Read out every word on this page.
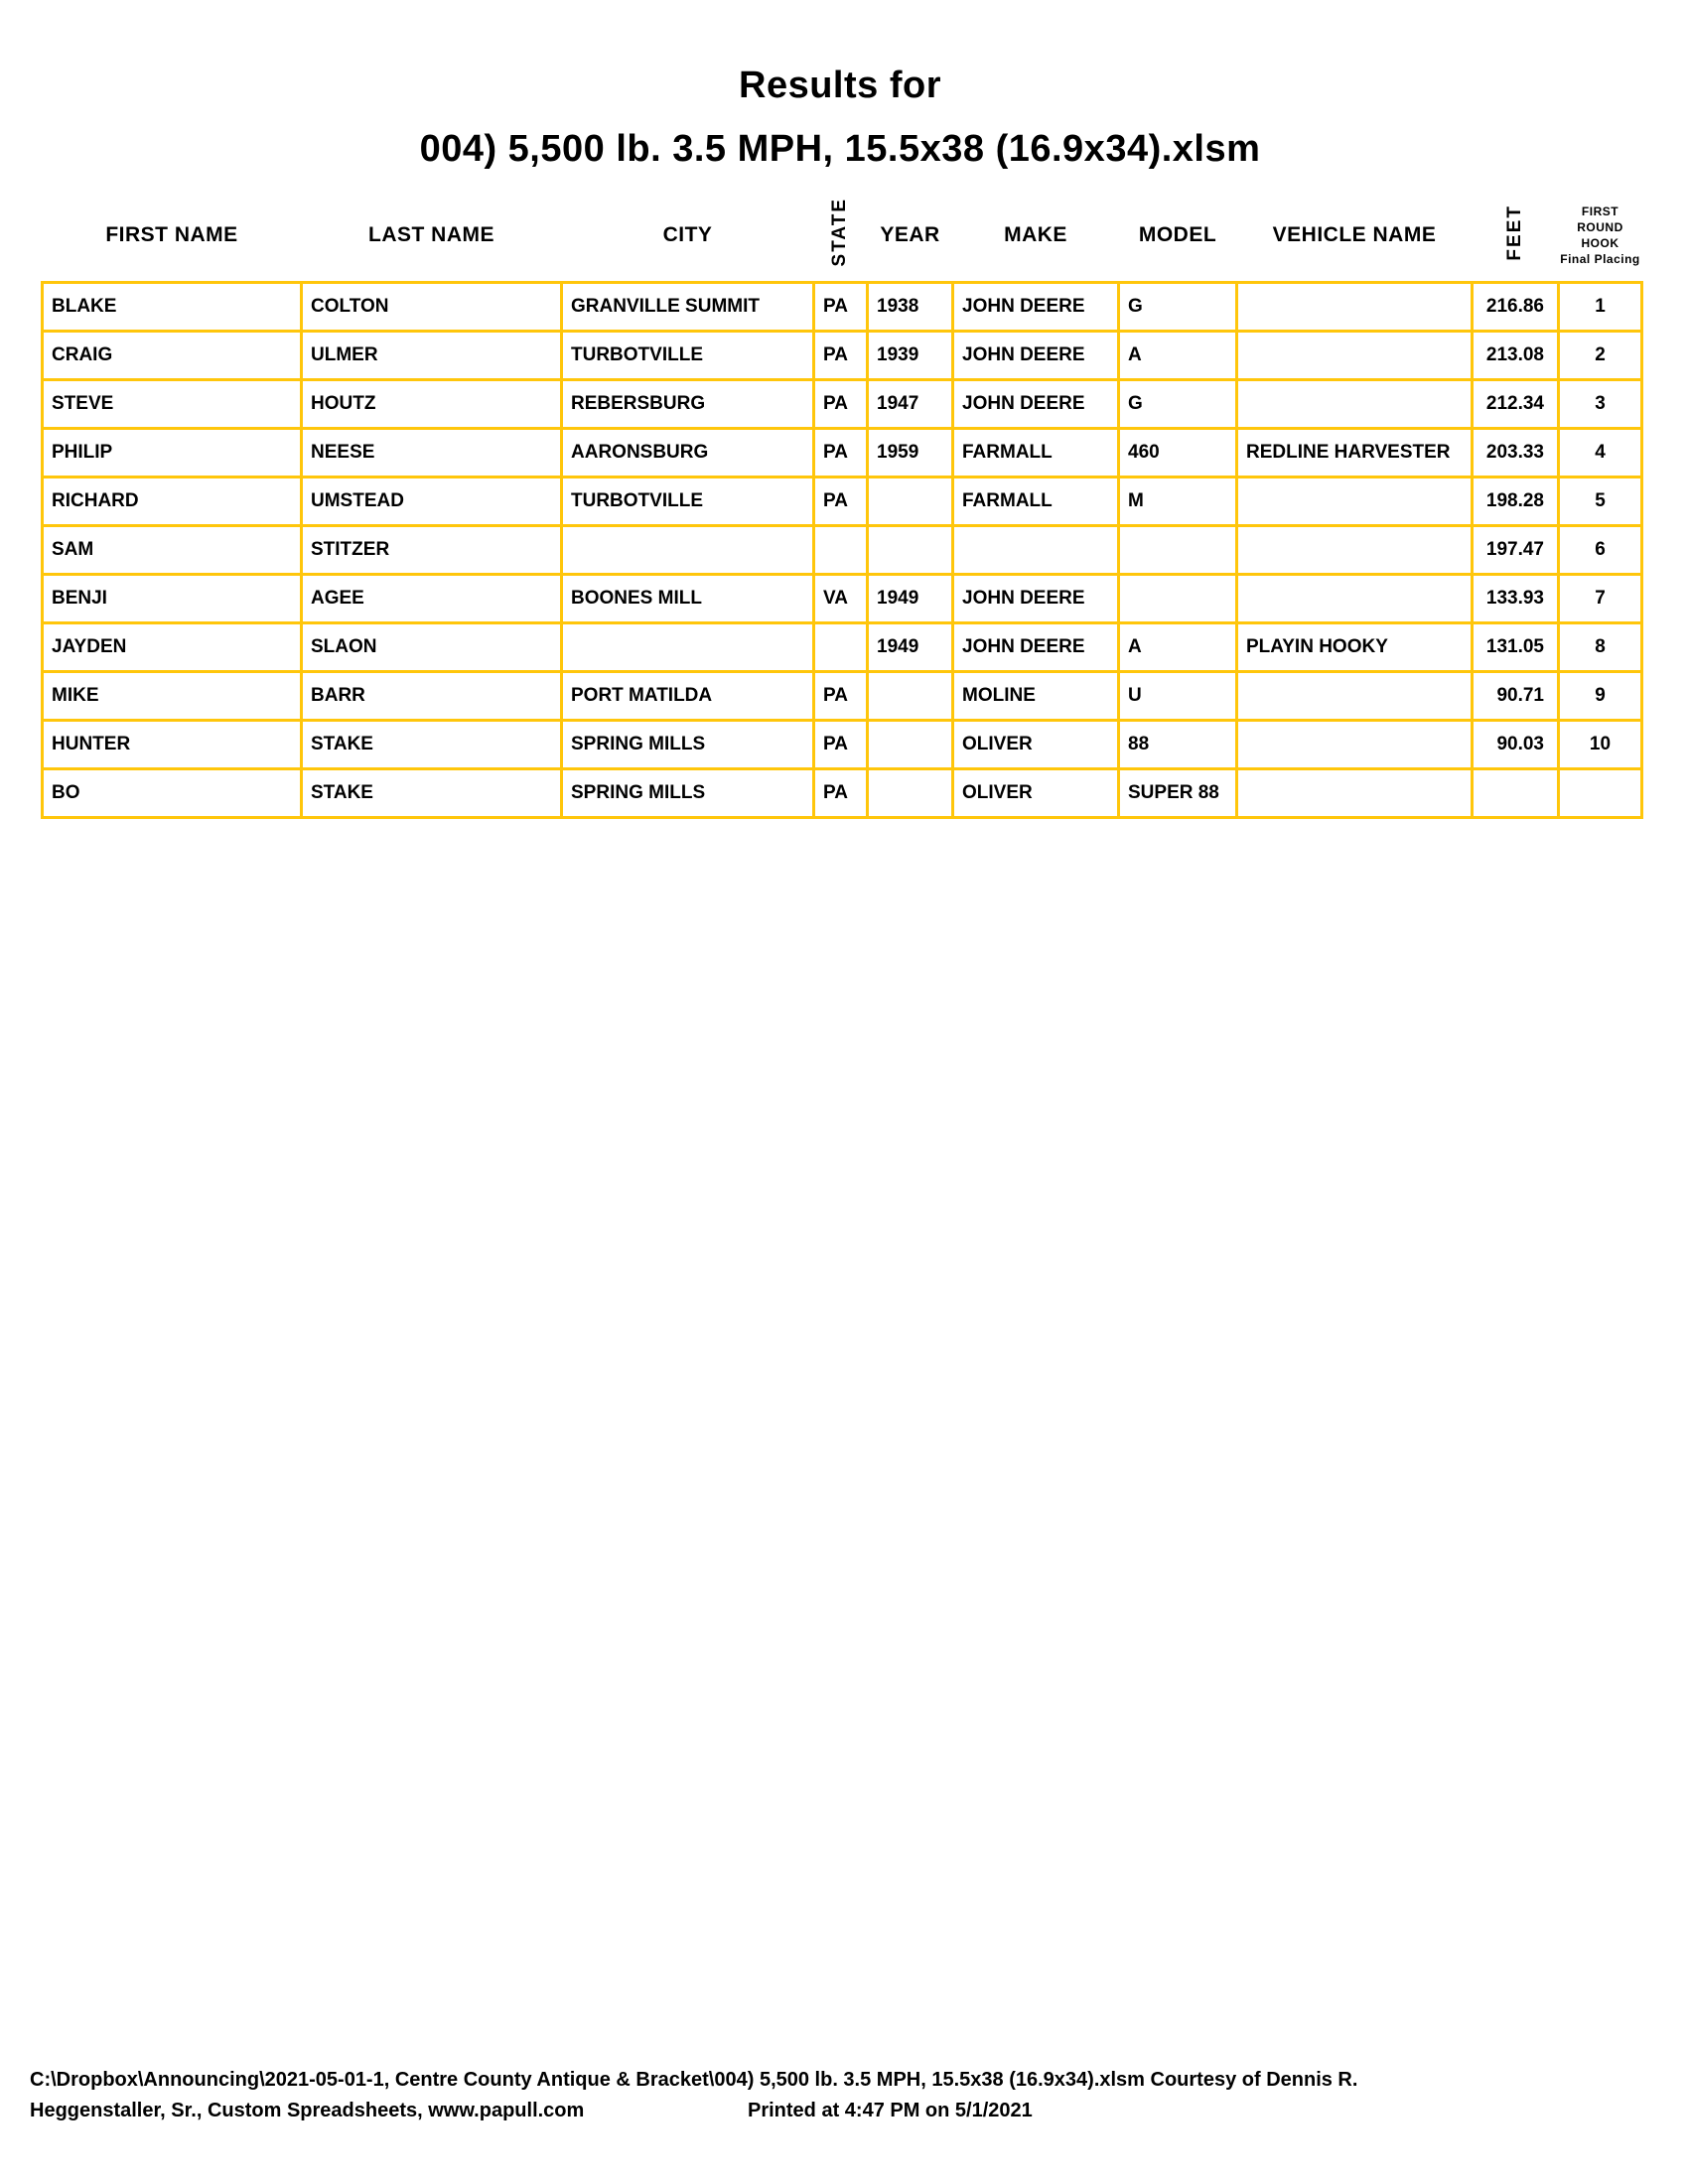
Results for
004) 5,500 lb. 3.5 MPH, 15.5x38 (16.9x34).xlsm
FIRST NAME	LAST NAME	CITY	STATE	YEAR	MAKE	MODEL	VEHICLE NAME	FEET	FIRST ROUND
HOOK
Final Placing

BLAKE	COLTON	GRANVILLE SUMMIT	PA	1938	JOHN DEERE	G		216.86	1
CRAIG	ULMER	TURBOTVILLE	PA	1939	JOHN DEERE	A		213.08	2
STEVE	HOUTZ	REBERSBURG	PA	1947	JOHN DEERE	G		212.34	3
PHILIP	NEESE	AARONSBURG	PA	1959	FARMALL	460	REDLINE HARVESTER	203.33	4
RICHARD	UMSTEAD	TURBOTVILLE	PA		FARMALL	M		198.28	5
SAM	STITZER							197.47	6
BENJI	AGEE	BOONES MILL	VA	1949	JOHN DEERE			133.93	7
JAYDEN	SLAON			1949	JOHN DEERE	A	PLAYIN HOOKY	131.05	8
MIKE	BARR	PORT MATILDA	PA		MOLINE	U		90.71	9
HUNTER	STAKE	SPRING MILLS	PA		OLIVER	88		90.03	10
BO	STAKE	SPRING MILLS	PA		OLIVER	SUPER 88			
C:\Dropbox\Announcing\2021-05-01-1, Centre County Antique & Bracket\004) 5,500 lb. 3.5 MPH, 15.5x38 (16.9x34).xlsm Courtesy of Dennis R.
Heggenstaller, Sr., Custom Spreadsheets, www.papull.com	Printed at 4:47 PM on 5/1/2021
